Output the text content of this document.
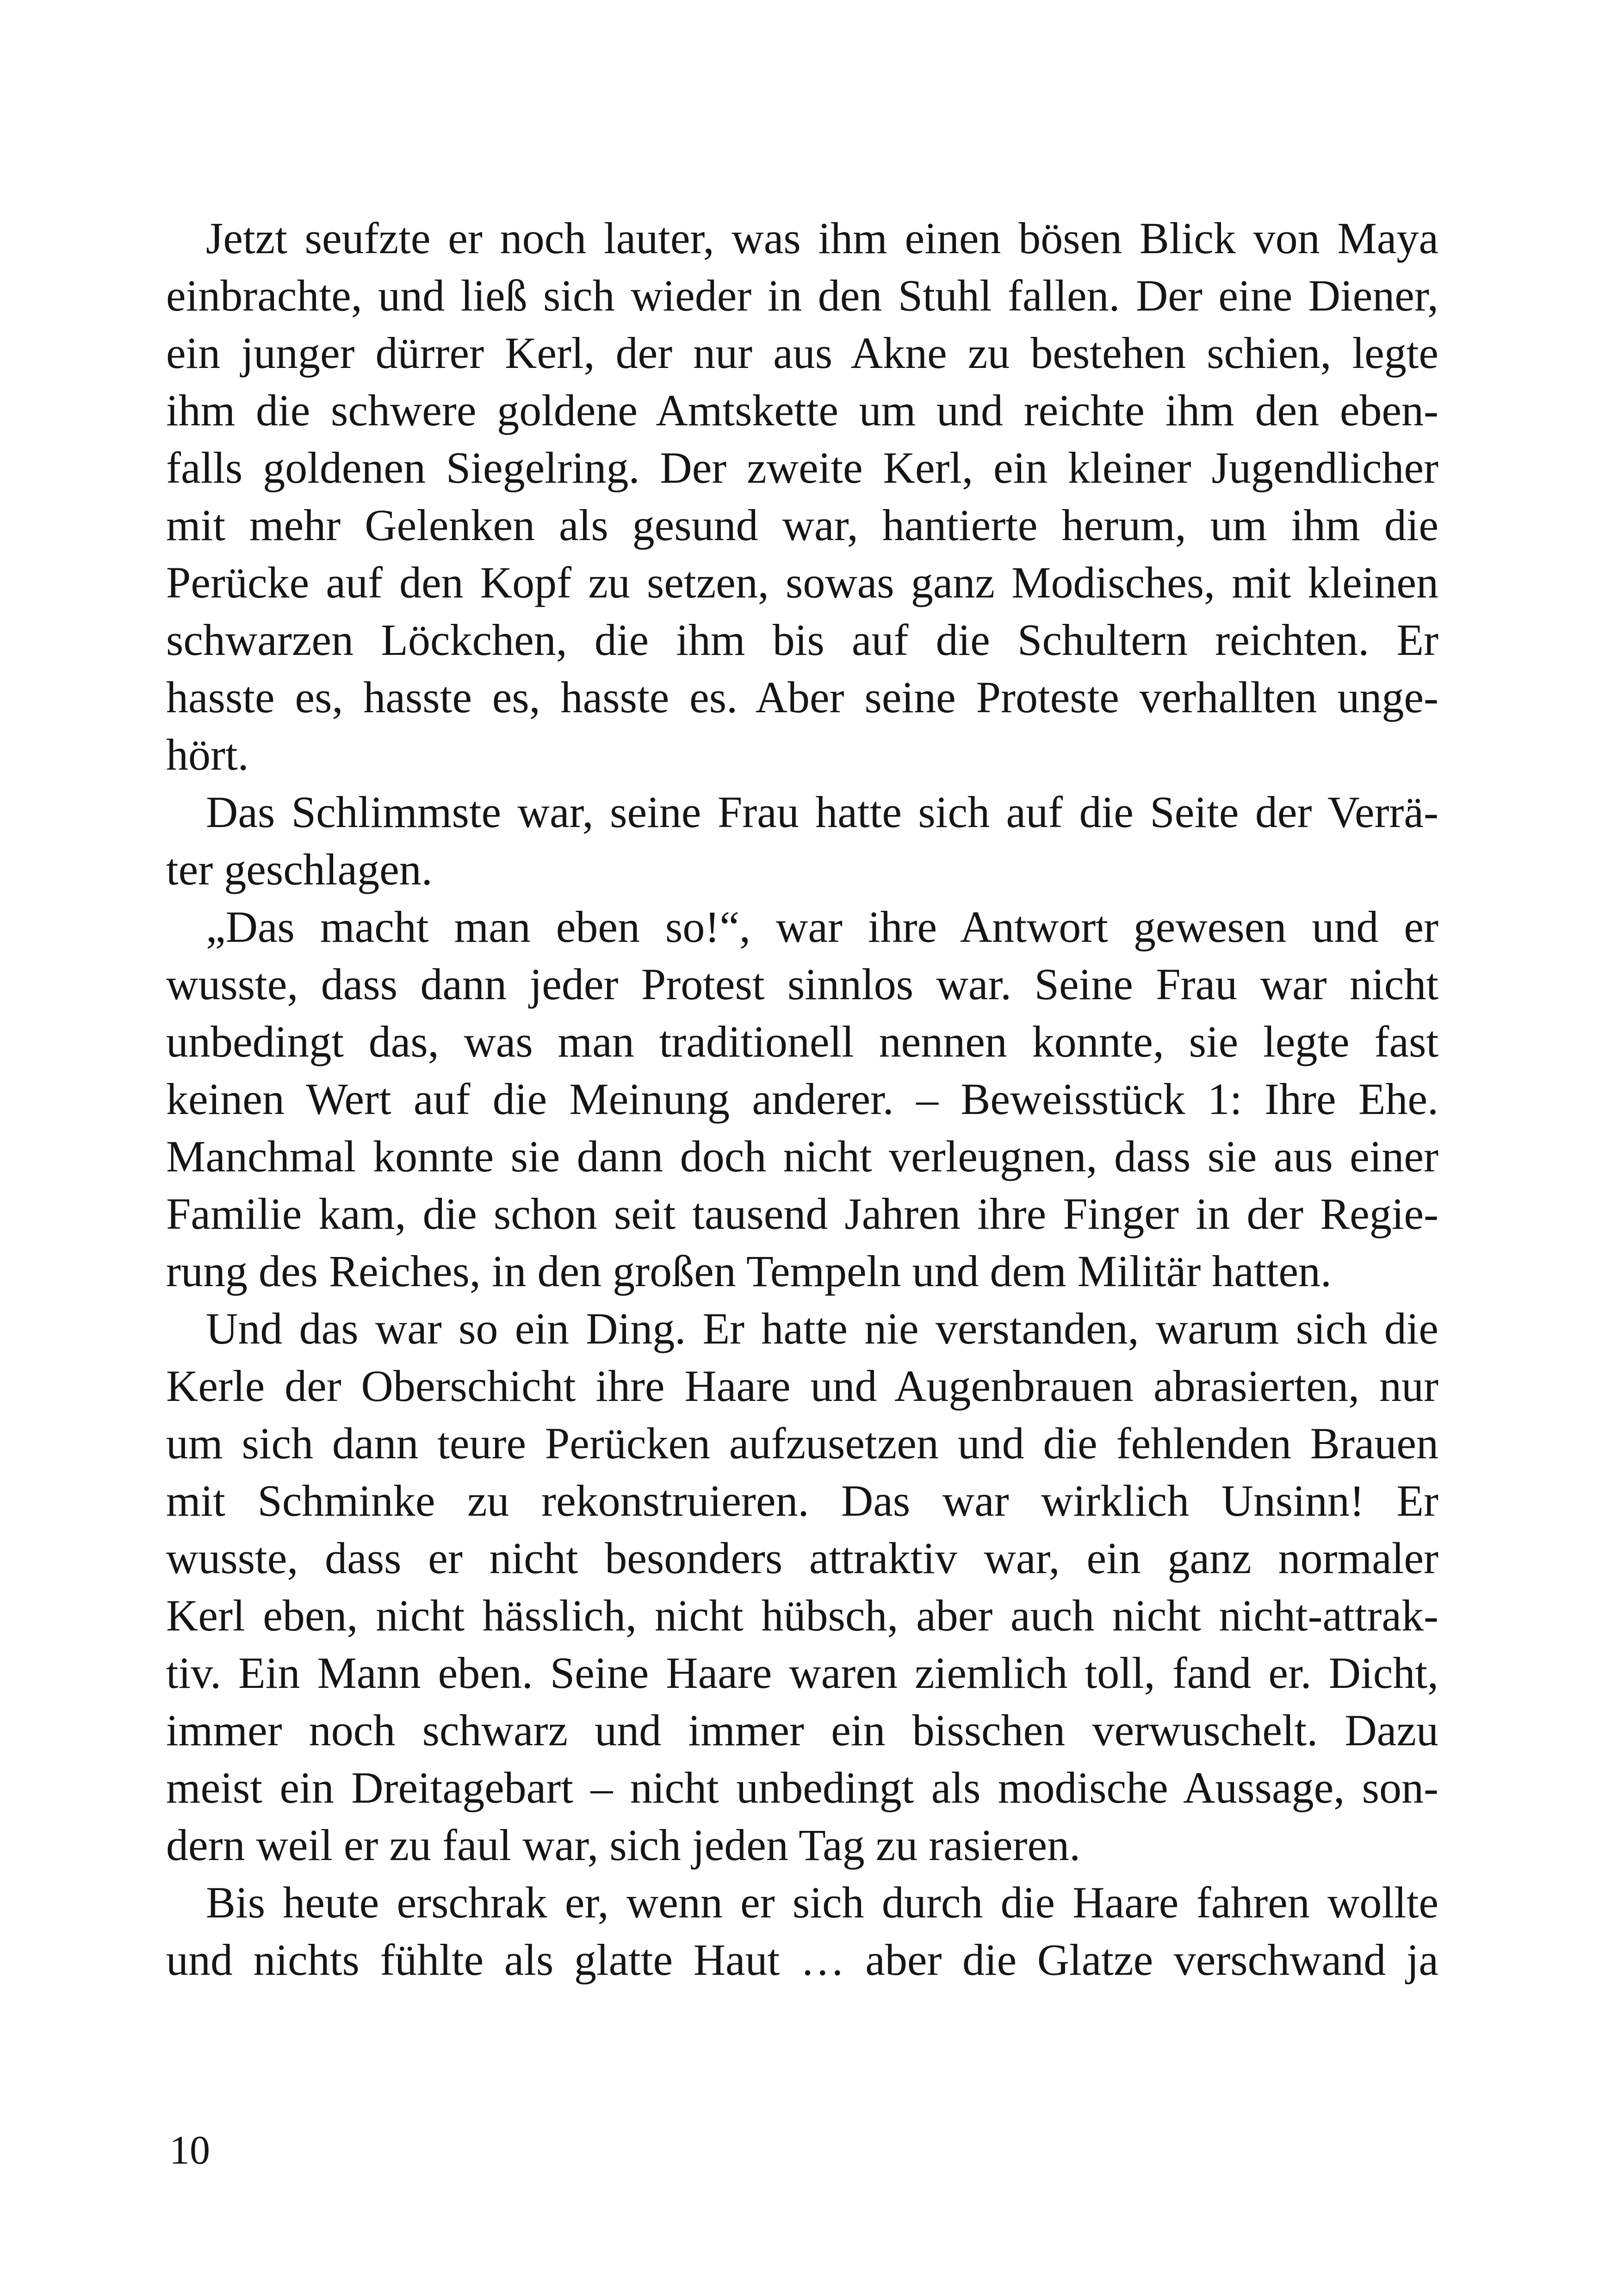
Jetzt seufzte er noch lauter, was ihm einen bösen Blick von Maya
einbrachte, und ließ sich wieder in den Stuhl fallen. Der eine Diener,
ein junger dürrer Kerl, der nur aus Akne zu bestehen schien, legte
ihm die schwere goldene Amtskette um und reichte ihm den eben-
falls goldenen Siegelring. Der zweite Kerl, ein kleiner Jugendlicher
mit mehr Gelenken als gesund war, hantierte herum, um ihm die
Perücke auf den Kopf zu setzen, sowas ganz Modisches, mit kleinen
schwarzen Löckchen, die ihm bis auf die Schultern reichten. Er
hasste es, hasste es, hasste es. Aber seine Proteste verhallten unge-
hört.
Das Schlimmste war, seine Frau hatte sich auf die Seite der Verrä-
ter geschlagen.
„Das macht man eben so!“, war ihre Antwort gewesen und er
wusste, dass dann jeder Protest sinnlos war. Seine Frau war nicht
unbedingt das, was man traditionell nennen konnte, sie legte fast
keinen Wert auf die Meinung anderer. – Beweisstück 1: Ihre Ehe.
Manchmal konnte sie dann doch nicht verleugnen, dass sie aus einer
Familie kam, die schon seit tausend Jahren ihre Finger in der Regie-
rung des Reiches, in den großen Tempeln und dem Militär hatten.
Und das war so ein Ding. Er hatte nie verstanden, warum sich die
Kerle der Oberschicht ihre Haare und Augenbrauen abrasierten, nur
um sich dann teure Perücken aufzusetzen und die fehlenden Brauen
mit Schminke zu rekonstruieren. Das war wirklich Unsinn! Er
wusste, dass er nicht besonders attraktiv war, ein ganz normaler
Kerl eben, nicht hässlich, nicht hübsch, aber auch nicht nicht-attrak-
tiv. Ein Mann eben. Seine Haare waren ziemlich toll, fand er. Dicht,
immer noch schwarz und immer ein bisschen verwuschelt. Dazu
meist ein Dreitagebart – nicht unbedingt als modische Aussage, son-
dern weil er zu faul war, sich jeden Tag zu rasieren.
Bis heute erschrak er, wenn er sich durch die Haare fahren wollte
und nichts fühlte als glatte Haut … aber die Glatze verschwand ja
10
